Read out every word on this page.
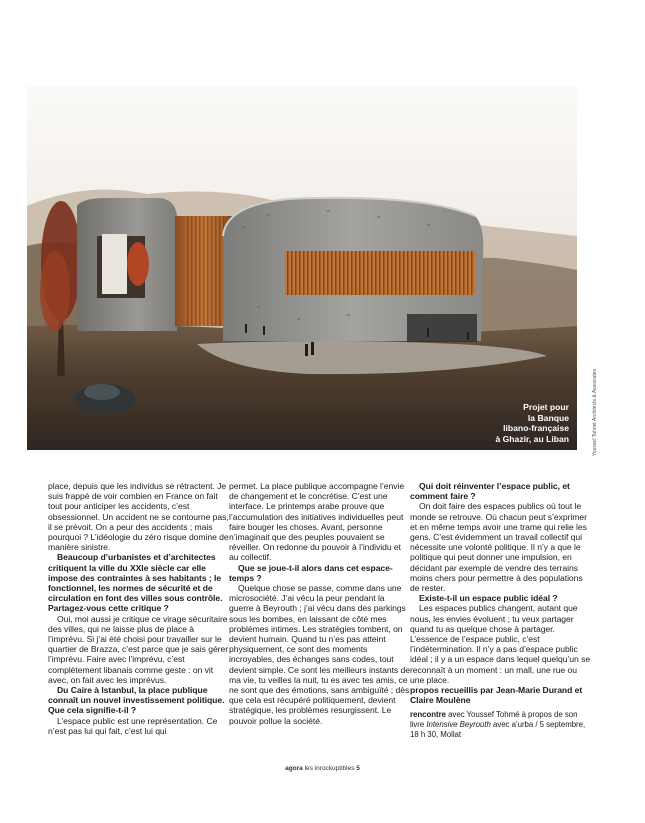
Projet pour
la Banque
libano-française
à Ghazir, au Liban	Youssef Tohmé Architects & Associates

place, depuis que les individus se rétractent. Je suis frappé de voir combien en France on fait tout pour anticiper les accidents, c’est obsessionnel. Un accident ne se contourne pas, il se prévoit. On a peur des accidents ; mais pourquoi ? L’idéologie du zéro risque domine de manière sinistre.

Beaucoup d’urbanistes et d’architectes critiquent la ville du XXIe siècle car elle impose des contraintes à ses habitants ; le fonctionnel, les normes de sécurité et de circulation en font des villes sous contrôle. Partagez-vous cette critique ?

Oui, moi aussi je critique ce virage sécuritaire des villes, qui ne laisse plus de place à l’imprévu. Si j’ai été choisi pour travailler sur le quartier de Brazza, c’est parce que je sais gérer l’imprévu. Faire avec l’imprévu, c’est complètement libanais comme geste : on vit avec, on fait avec les imprévus.

Du Caire à Istanbul, la place publique connaît un nouvel investissement politique. Que cela signifie-t-il ?

L’espace public est une représentation. Ce n’est pas lui qui fait, c’est lui qui

permet. La place publique accompagne l’envie de changement et le concrétise. C’est une interface. Le printemps arabe prouve que l’accumulation des initiatives individuelles peut faire bouger les choses. Avant, personne n’imaginait que des peuples pouvaient se réveiller. On redonne du pouvoir à l’individu et au collectif.

Que se joue-t-il alors dans cet espace-temps ?

Quelque chose se passe, comme dans une microsociété. J’ai vécu la peur pendant la guerre à Beyrouth ; j’ai vécu dans des parkings sous les bombes, en laissant de côté mes problèmes intimes. Les stratégies tombent, on devient humain. Quand tu n’es pas atteint physiquement, ce sont des moments incroyables, des échanges sans codes, tout devient simple. Ce sont les meilleurs instants de ma vie, tu veilles la nuit, tu es avec tes amis, ce ne sont que des émotions, sans ambiguïté ; dès que cela est récupéré politiquement, devient stratégique, les problèmes resurgissent. Le pouvoir pollue la société.

Qui doit réinventer l’espace public, et comment faire ?

On doit faire des espaces publics où tout le monde se retrouve. Où chacun peut s’exprimer et en même temps avoir une trame qui relie les gens. C’est évidemment un travail collectif qui nécessite une volonté politique. Il n’y a que le politique qui peut donner une impulsion, en décidant par exemple de vendre des terrains moins chers pour permettre à des populations de rester.

Existe-t-il un espace public idéal ?

Les espaces publics changent, autant que nous, les envies évoluent ; tu veux partager quand tu as quelque chose à partager. L’essence de l’espace public, c’est l’indétermination. Il n’y a pas d’espace public idéal ; il y a un espace dans lequel quelqu’un se reconnaît à un moment : un mall, une rue ou une place.

propos recueillis par Jean-Marie Durand et Claire Moulène

rencontre avec Youssef Tohmé à propos de son livre Intensive Beyrouth avec a’urba / 5 septembre, 18 h 30, Mollat

agora les inrockuptibles 5
